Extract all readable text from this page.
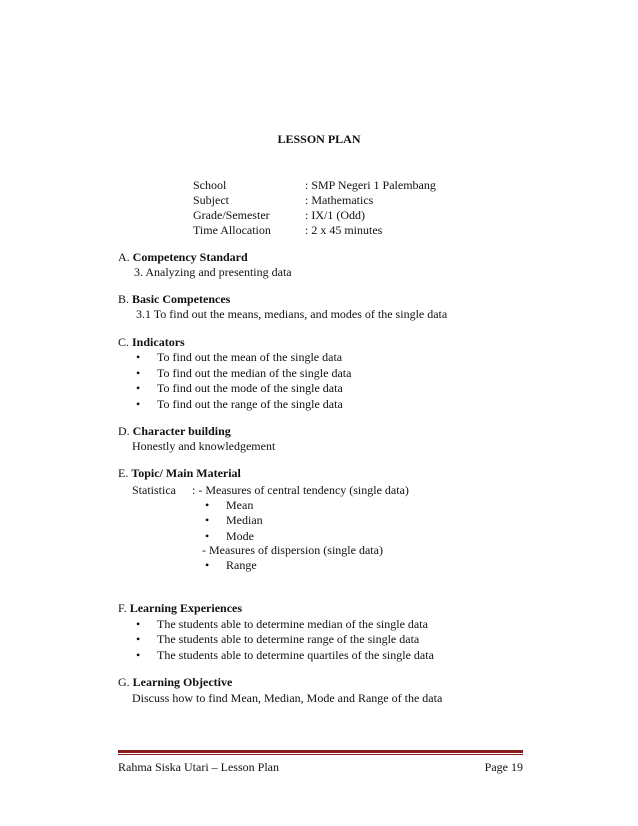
LESSON PLAN
School	: SMP Negeri 1 Palembang
Subject	: Mathematics
Grade/Semester	: IX/1 (Odd)
Time Allocation	: 2 x 45 minutes
A. Competency Standard
3. Analyzing and presenting data
B. Basic Competences
3.1 To find out the means, medians, and modes of the single data
C. Indicators
• To find out the mean of the single data
• To find out the median of the single data
• To find out the mode of the single data
• To find out the range of the single data
D. Character building
Honestly and knowledgement
E. Topic/ Main Material
Statistica : - Measures of central tendency (single data)
• Mean
• Median
• Mode
- Measures of dispersion (single data)
• Range
F. Learning Experiences
• The students able to determine median of the single data
• The students able to determine range of the single data
• The students able to determine quartiles of the single data
G. Learning Objective
Discuss how to find Mean, Median, Mode and Range of the data
Rahma Siska Utari – Lesson Plan	Page 19
